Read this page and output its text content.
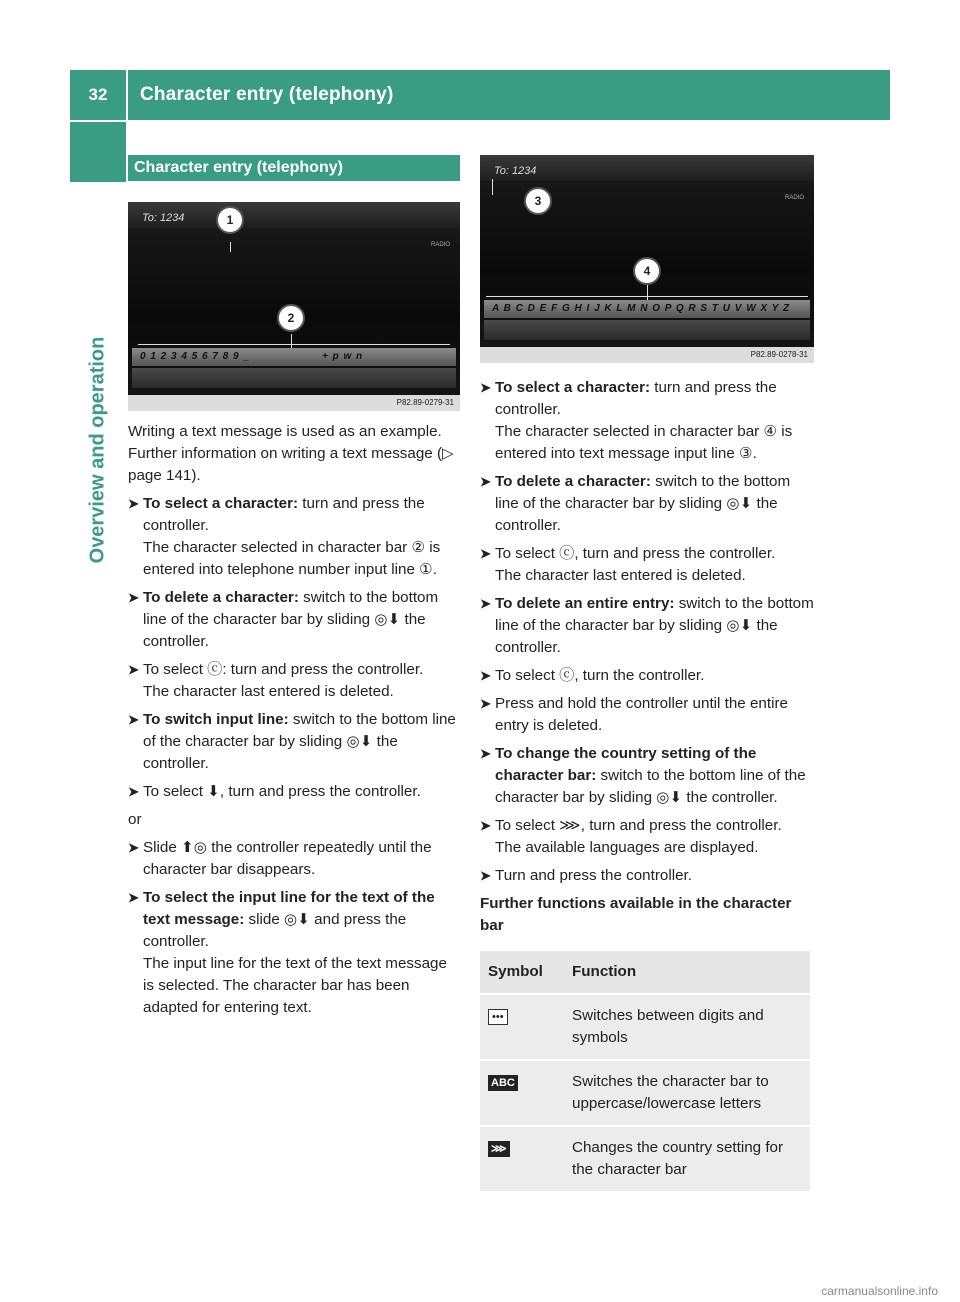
32	Character entry (telephony)
Overview and operation
Character entry (telephony)
To: 1234
RADIO
0 1 2 3 4 5 6 7 8 9 _	+ p w n
1
2
P82.89-0279-31

Writing a text message is used as an example. Further information on writing a text message (▷ page 141).

➤ To select a character: turn and press the controller.
The character selected in character bar ② is entered into telephone number input line ①.
➤ To delete a character: switch to the bottom line of the character bar by sliding ◎⬇ the controller.
➤ To select ⓒ: turn and press the controller.
The character last entered is deleted.
➤ To switch input line: switch to the bottom line of the character bar by sliding ◎⬇ the controller.
➤ To select ⬇, turn and press the controller.

or

➤ Slide ⬆◎ the controller repeatedly until the character bar disappears.
➤ To select the input line for the text of the text message: slide ◎⬇ and press the controller.
The input line for the text of the text message is selected. The character bar has been adapted for entering text.
To: 1234
RADIO
A B C D E F G H I J K L M N O P Q R S T U V W X Y Z
3
4
P82.89-0278-31
➤ To select a character: turn and press the controller.
The character selected in character bar ④ is entered into text message input line ③.
➤ To delete a character: switch to the bottom line of the character bar by sliding ◎⬇ the controller.
➤ To select ⓒ, turn and press the controller.
The character last entered is deleted.
➤ To delete an entire entry: switch to the bottom line of the character bar by sliding ◎⬇ the controller.
➤ To select ⓒ, turn the controller.
➤ Press and hold the controller until the entire entry is deleted.
➤ To change the country setting of the character bar: switch to the bottom line of the character bar by sliding ◎⬇ the controller.
➤ To select ⋙, turn and press the controller.
The available languages are displayed.
➤ Turn and press the controller.

Further functions available in the character bar

Symbol	Function
•••	Switches between digits and symbols
ABC	Switches the character bar to uppercase/lowercase letters
⋙	Changes the country setting for the character bar
carmanualsonline.info
